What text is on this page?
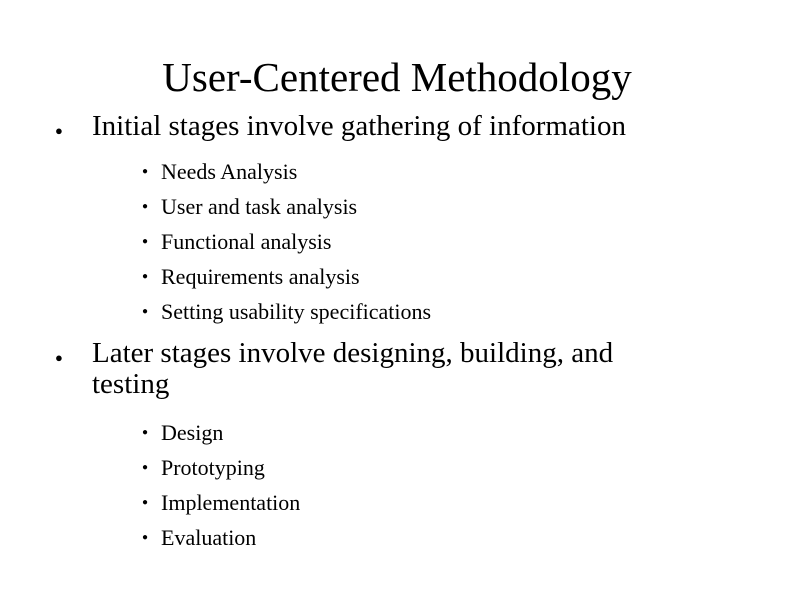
User-Centered Methodology
● Initial stages involve gathering of information
● Needs Analysis
● User and task analysis
● Functional analysis
● Requirements analysis
● Setting usability specifications
● Later stages involve designing, building, and testing
● Design
● Prototyping
● Implementation
● Evaluation
